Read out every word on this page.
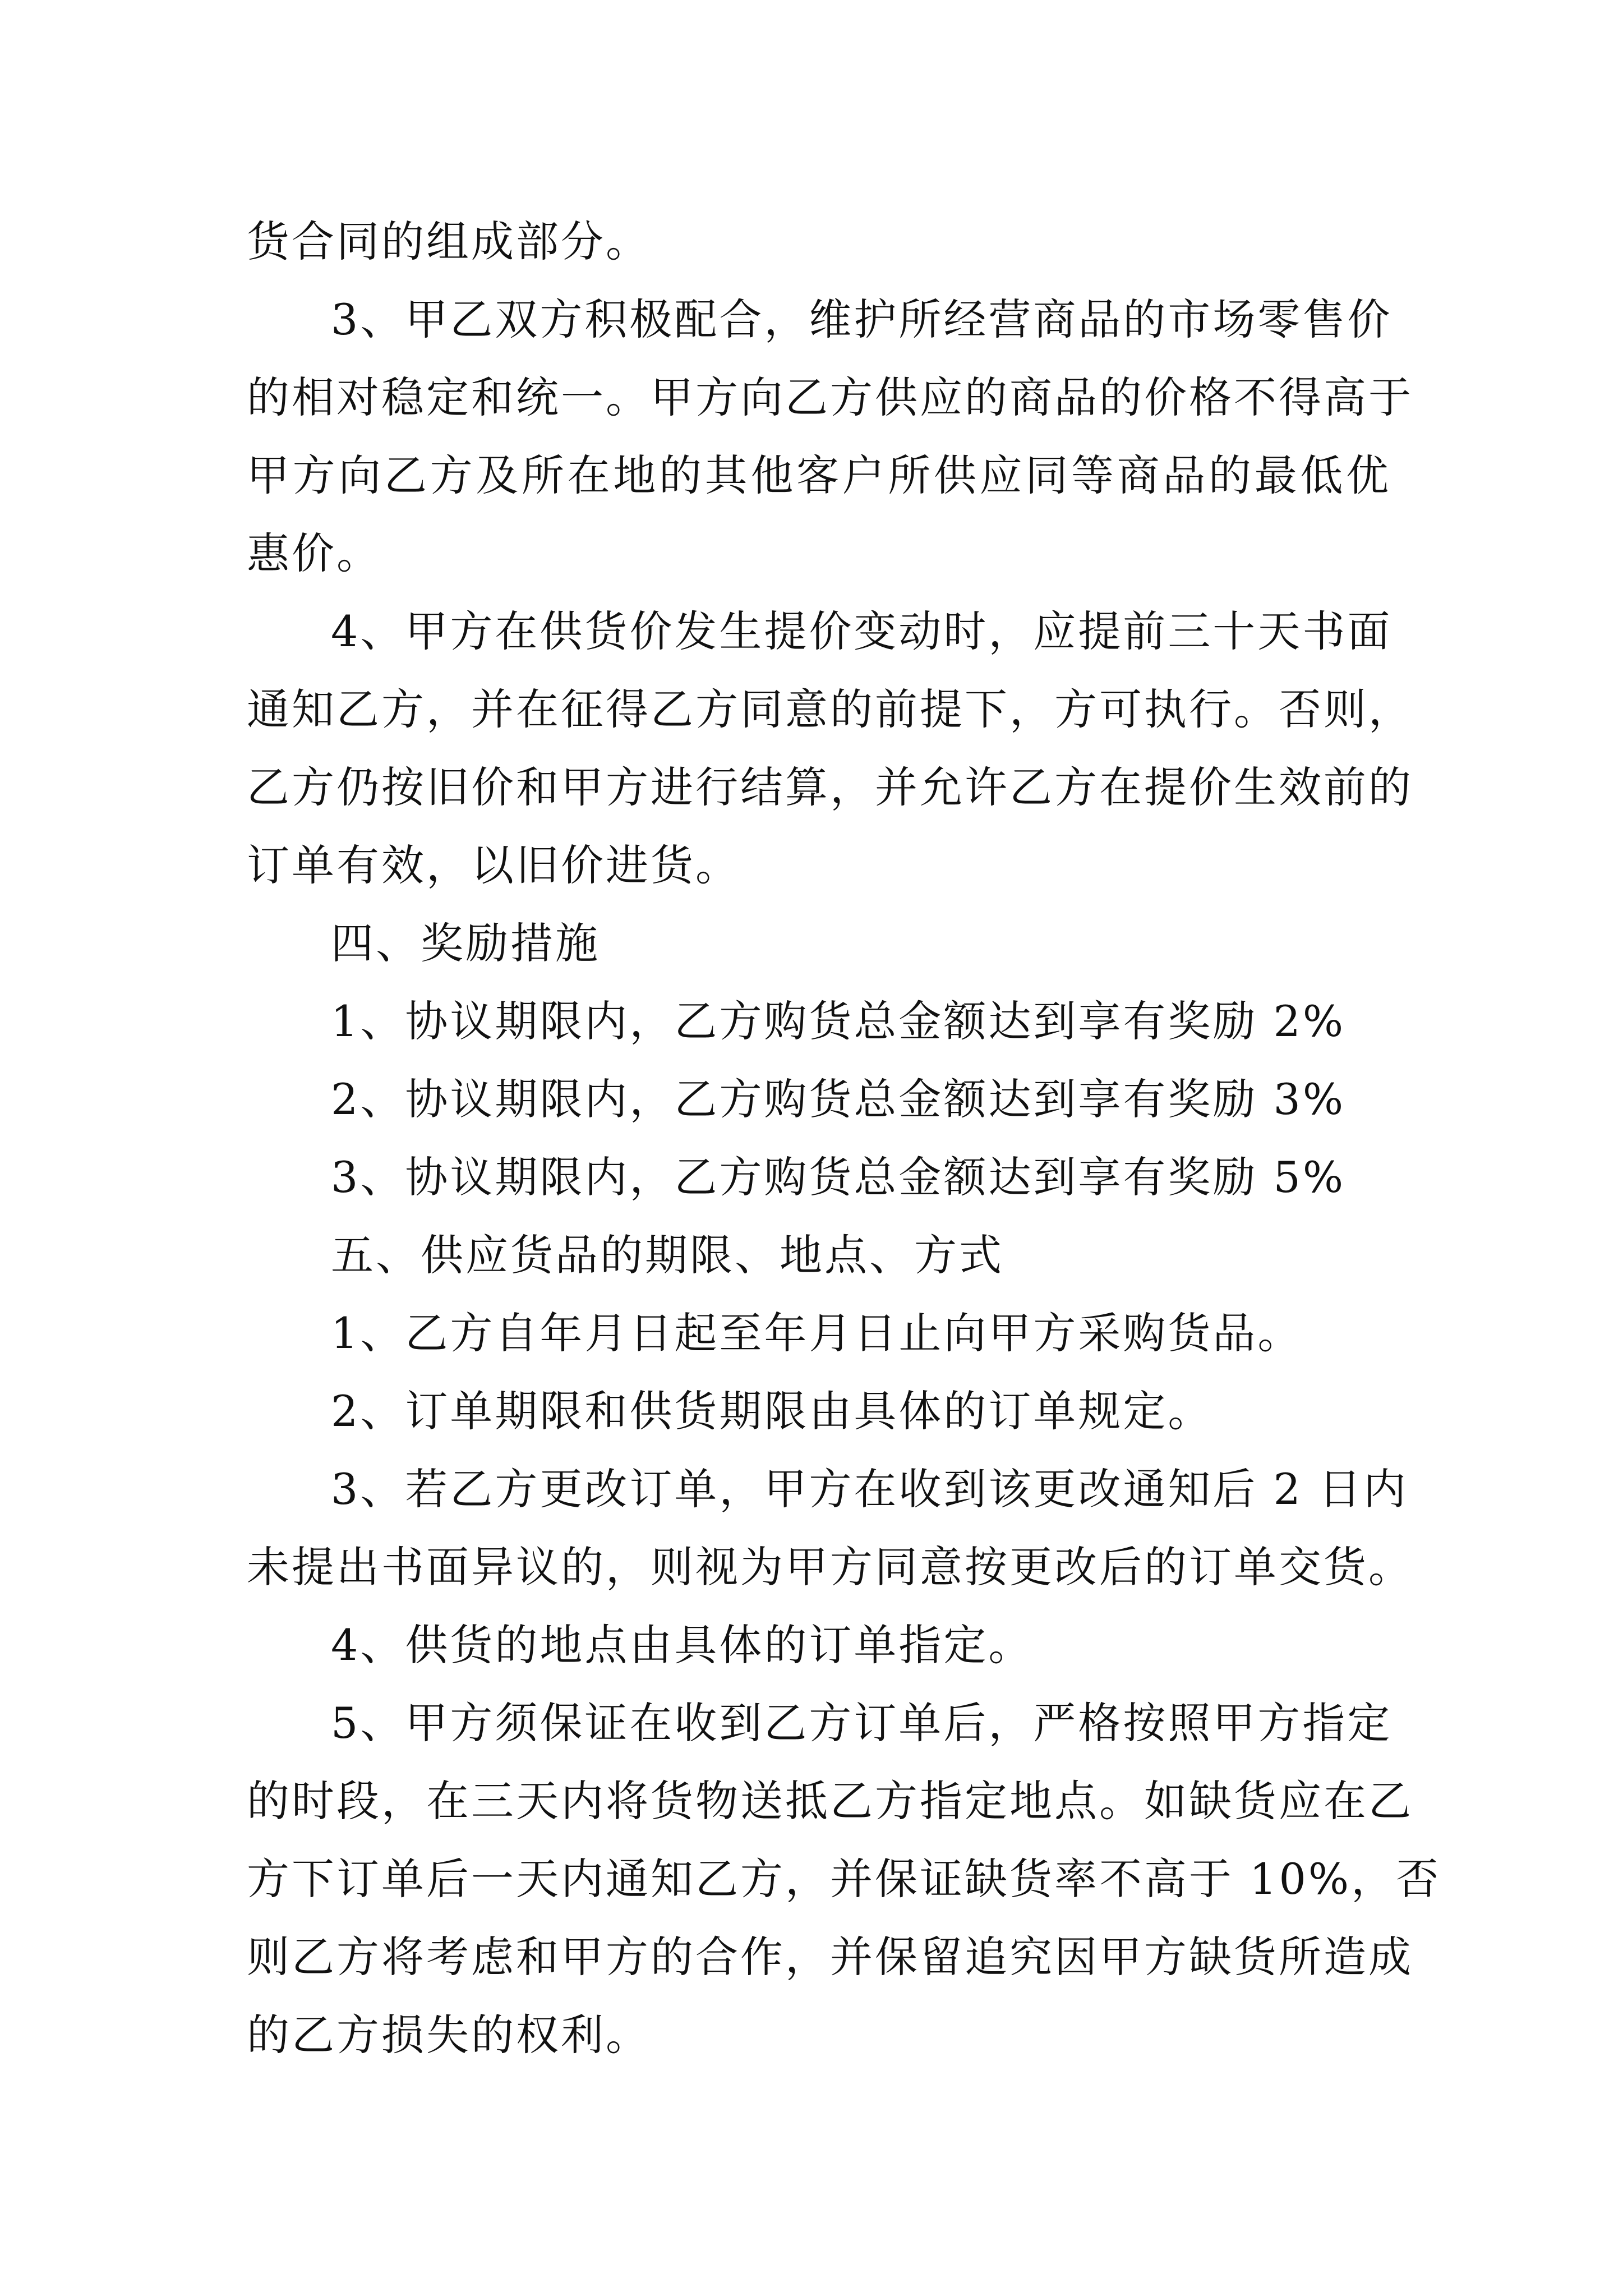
货合同的组成部分。
3、甲乙双方积极配合，维护所经营商品的市场零售价
的相对稳定和统一。甲方向乙方供应的商品的价格不得高于
甲方向乙方及所在地的其他客户所供应同等商品的最低优
惠价。
4、甲方在供货价发生提价变动时，应提前三十天书面
通知乙方，并在征得乙方同意的前提下，方可执行。否则，
乙方仍按旧价和甲方进行结算，并允许乙方在提价生效前的
订单有效，以旧价进货。
四、奖励措施
1、协议期限内，乙方购货总金额达到享有奖励 2%
2、协议期限内，乙方购货总金额达到享有奖励 3%
3、协议期限内，乙方购货总金额达到享有奖励 5%
五、供应货品的期限、地点、方式
1、乙方自年月日起至年月日止向甲方采购货品。
2、订单期限和供货期限由具体的订单规定。
3、若乙方更改订单，甲方在收到该更改通知后 2 日内
未提出书面异议的，则视为甲方同意按更改后的订单交货。
4、供货的地点由具体的订单指定。
5、甲方须保证在收到乙方订单后，严格按照甲方指定
的时段，在三天内将货物送抵乙方指定地点。如缺货应在乙
方下订单后一天内通知乙方，并保证缺货率不高于 10%，否
则乙方将考虑和甲方的合作，并保留追究因甲方缺货所造成
的乙方损失的权利。
